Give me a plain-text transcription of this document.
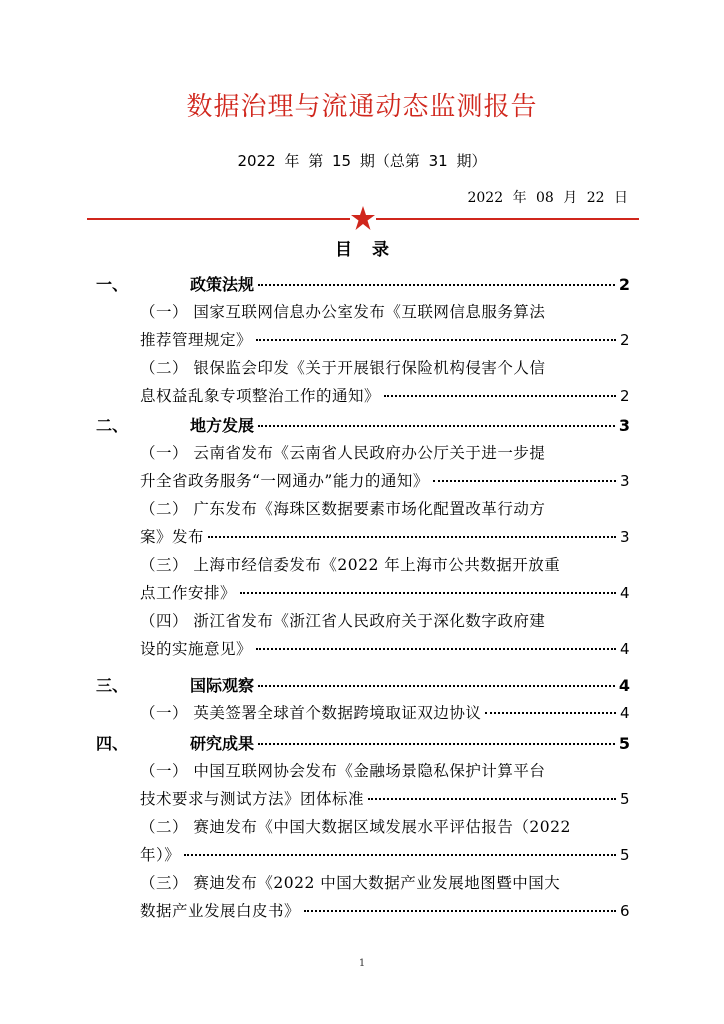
数据治理与流通动态监测报告
2022 年 第 15 期（总第 31 期）
2022 年 08 月 22 日
目 录
一、	政策法规	2
（一） 国家互联网信息办公室发布《互联网信息服务算法
推荐管理规定》	2
（二） 银保监会印发《关于开展银行保险机构侵害个人信
息权益乱象专项整治工作的通知》	2
二、	地方发展	3
（一） 云南省发布《云南省人民政府办公厅关于进一步提
升全省政务服务“一网通办”能力的通知》	3
（二） 广东发布《海珠区数据要素市场化配置改革行动方
案》发布	3
（三） 上海市经信委发布《2022 年上海市公共数据开放重
点工作安排》	4
（四） 浙江省发布《浙江省人民政府关于深化数字政府建
设的实施意见》	4
三、	国际观察	4
（一） 英美签署全球首个数据跨境取证双边协议	4
四、	研究成果	5
（一） 中国互联网协会发布《金融场景隐私保护计算平台
技术要求与测试方法》团体标准	5
（二） 赛迪发布《中国大数据区域发展水平评估报告（2022
年）》	5
（三） 赛迪发布《2022 中国大数据产业发展地图暨中国大
数据产业发展白皮书》	6
1
